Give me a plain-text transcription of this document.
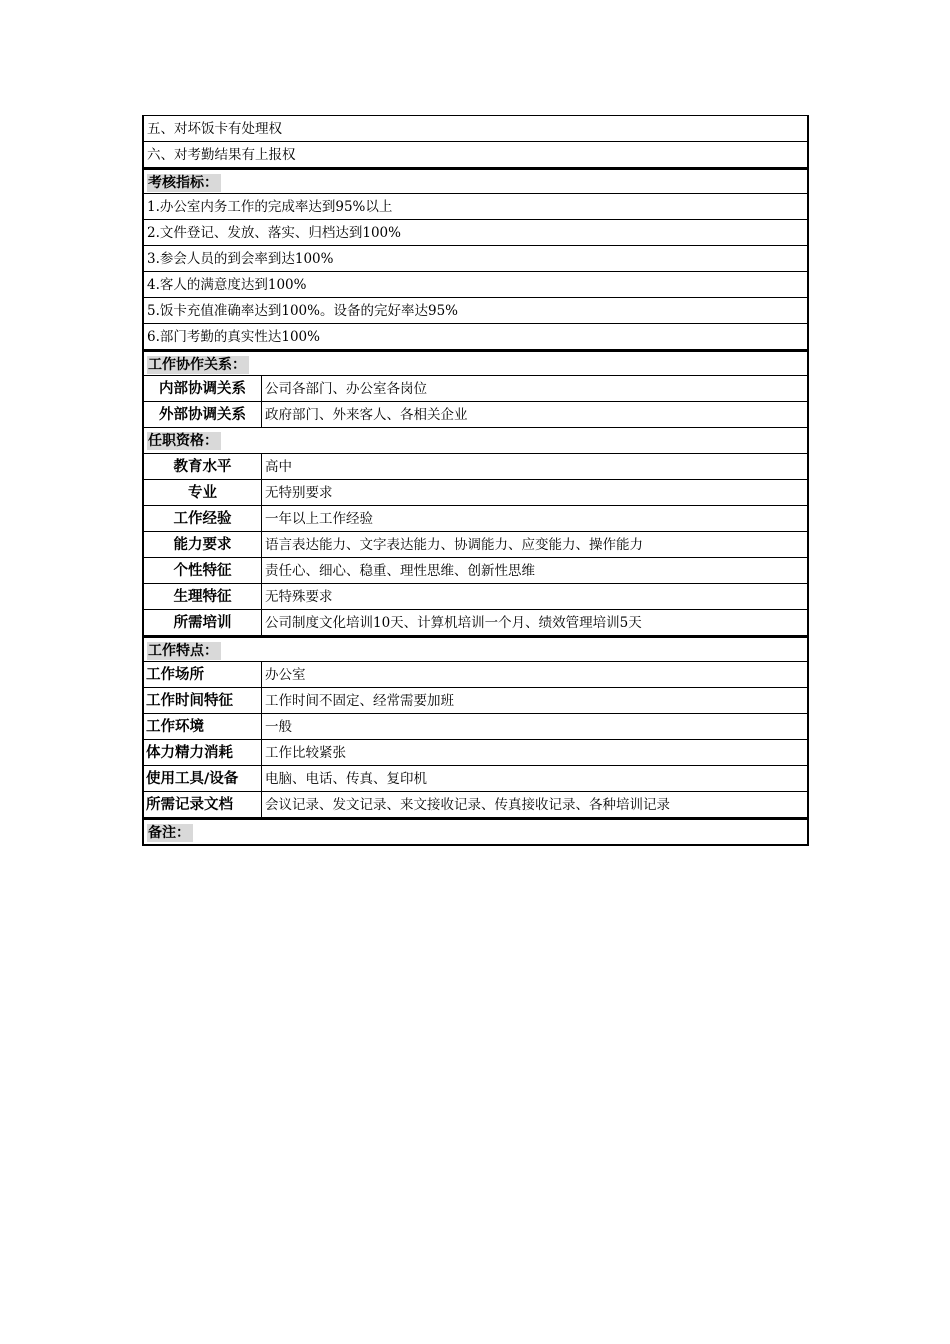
五、对坏饭卡有处理权
六、对考勤结果有上报权
考核指标：
1.办公室内务工作的完成率达到95%以上
2.文件登记、发放、落实、归档达到100%
3.参会人员的到会率到达100%
4.客人的满意度达到100%
5.饭卡充值准确率达到100%。设备的完好率达95%
6.部门考勤的真实性达100%
工作协作关系：
内部协调关系	公司各部门、办公室各岗位
外部协调关系	政府部门、外来客人、各相关企业
任职资格：
教育水平	高中
专业	无特别要求
工作经验	一年以上工作经验
能力要求	语言表达能力、文字表达能力、协调能力、应变能力、操作能力
个性特征	责任心、细心、稳重、理性思维、创新性思维
生理特征	无特殊要求
所需培训	公司制度文化培训10天、计算机培训一个月、绩效管理培训5天
工作特点：
工作场所	办公室
工作时间特征	工作时间不固定、经常需要加班
工作环境	一般
体力精力消耗	工作比较紧张
使用工具/设备	电脑、电话、传真、复印机
所需记录文档	会议记录、发文记录、来文接收记录、传真接收记录、各种培训记录
备注：
